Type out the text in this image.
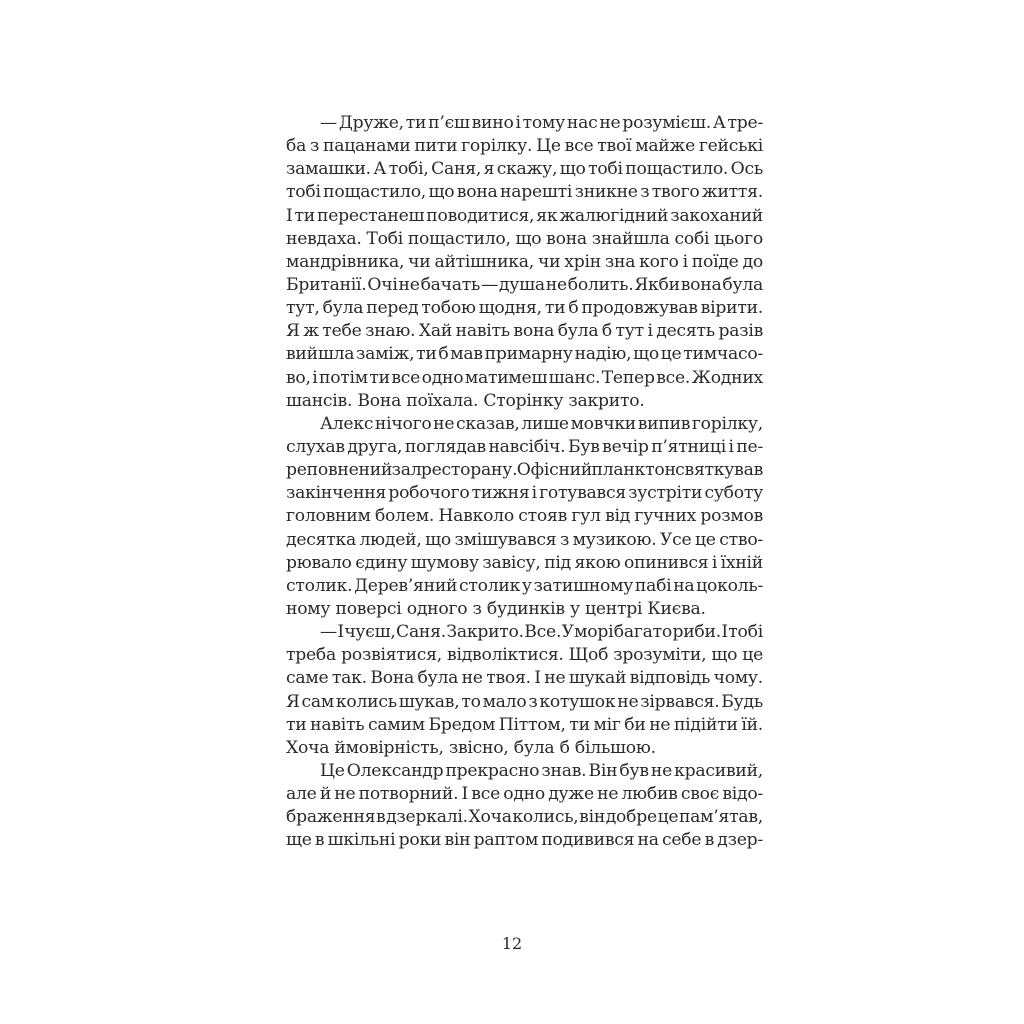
— Друже, ти п’єш вино і тому нас не розумієш. А тре-
ба з пацанами пити горілку. Це все твої майже гейські
замашки. А тобі, Саня, я скажу, що тобі пощастило. Ось
тобі пощастило, що вона нарешті зникне з твого життя.
І ти перестанеш поводитися, як жалюгідний закоханий
невдаха. Тобі пощастило, що вона знайшла собі цього
мандрівника, чи айтішника, чи хрін зна кого і поїде до
Британії. Очі не бачать — душа не болить. Якби вона була
тут, була перед тобою щодня, ти б продовжував вірити.
Я ж тебе знаю. Хай навіть вона була б тут і десять разів
вийшла заміж, ти б мав примарну надію, що це тимчасо-
во, і потім ти все одно матимеш шанс. Тепер все. Жодних
шансів. Вона поїхала. Сторінку закрито.
Алекс нічого не сказав, лише мовчки випив горілку,
слухав друга, поглядав навсібіч. Був вечір п’ятниці і пе-
реповнений зал ресторану. Офісний планктон святкував
закінчення робочого тижня і готувався зустріти суботу
головним болем. Навколо стояв гул від гучних розмов
десятка людей, що змішувався з музикою. Усе це ство-
рювало єдину шумову завісу, під якою опинився і їхній
столик. Дерев’яний столик у затишному пабі на цоколь-
ному поверсі одного з будинків у центрі Києва.
— І чуєш, Саня. Закрито. Все. У морі багато риби. І тобі
треба розвіятися, відволіктися. Щоб зрозуміти, що це
саме так. Вона була не твоя. І не шукай відповідь чому.
Я сам колись шукав, то мало з котушок не зірвався. Будь
ти навіть самим Бредом Піттом, ти міг би не підійти їй.
Хоча ймовірність, звісно, була б більшою.
Це Олександр прекрасно знав. Він був не красивий,
але й не потворний. І все одно дуже не любив своє відо-
браження в дзеркалі. Хоча колись, він добре це пам’ятав,
ще в шкільні роки він раптом подивився на себе в дзер-
12
